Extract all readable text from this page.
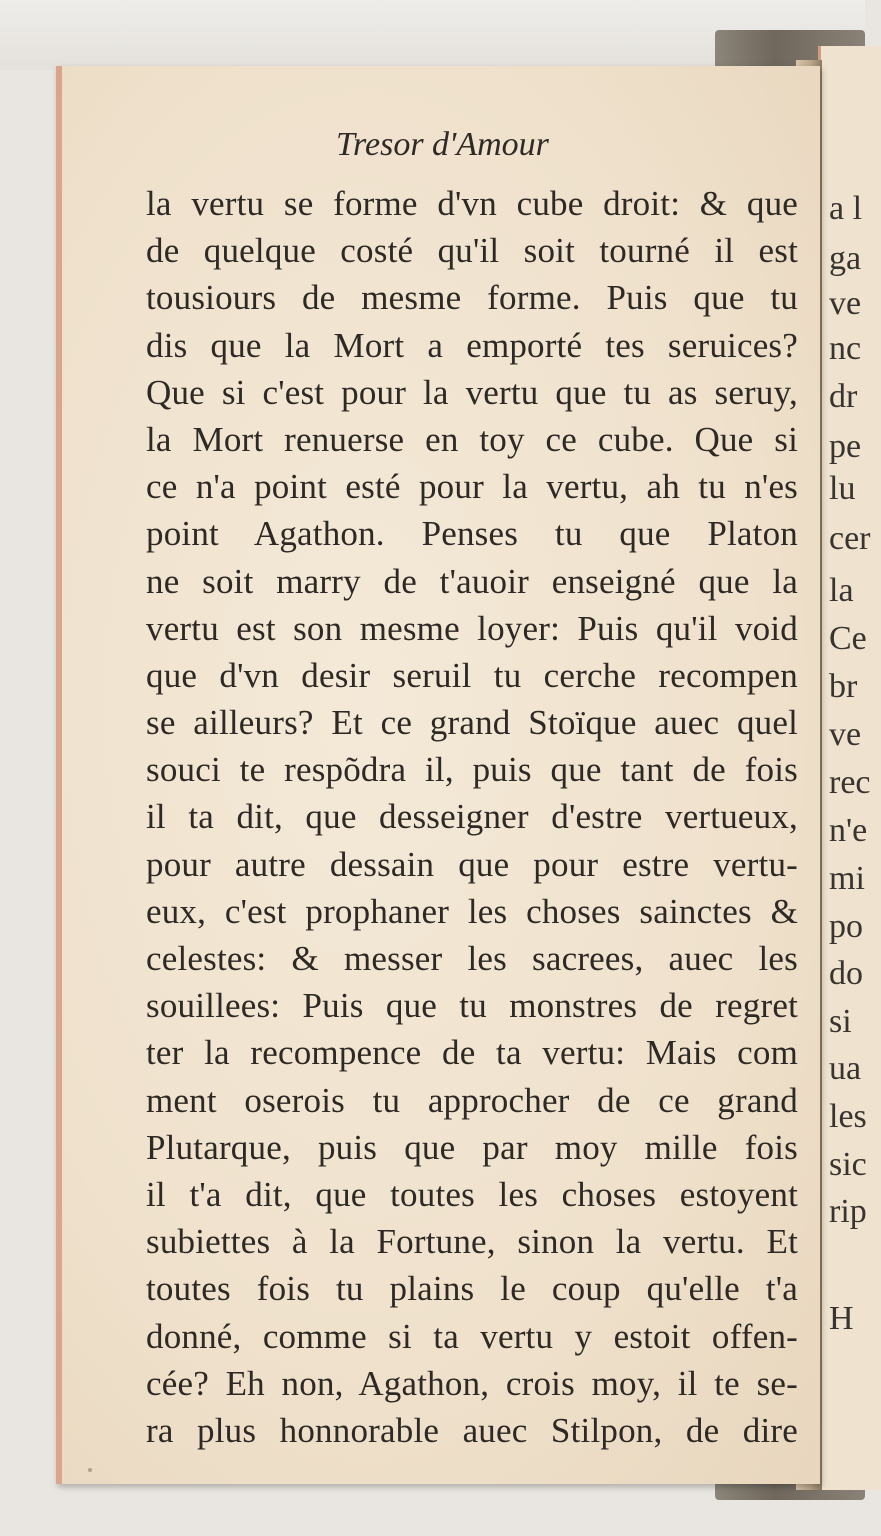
a l
ga
ve
nc
dr
pe
lu
cer
la
Ce
br
ve
rec
n'e
mi
po
do
si
ua
les
sic
rip
H
Tresor d'Amour
la vertu se forme d'vn cube droit: & que
de quelque costé qu'il soit tourné il est
tousiours de mesme forme. Puis que tu
dis que la Mort a emporté tes seruices?
Que si c'est pour la vertu que tu as seruy,
la Mort renuerse en toy ce cube. Que si
ce n'a point esté pour la vertu, ah tu n'es
point Agathon. Penses tu que Platon
ne soit marry de t'auoir enseigné que la
vertu est son mesme loyer: Puis qu'il void
que d'vn desir seruil tu cerche recompen
se ailleurs? Et ce grand Stoïque auec quel
souci te respõdra il, puis que tant de fois
il ta dit, que desseigner d'estre vertueux,
pour autre dessain que pour estre vertu-
eux, c'est prophaner les choses sainctes &
celestes: & messer les sacrees, auec les
souillees: Puis que tu monstres de regret
ter la recompence de ta vertu: Mais com
ment oserois tu approcher de ce grand
Plutarque, puis que par moy mille fois
il t'a dit, que toutes les choses estoyent
subiettes à la Fortune, sinon la vertu. Et
toutes fois tu plains le coup qu'elle t'a
donné, comme si ta vertu y estoit offen-
cée? Eh non, Agathon, crois moy, il te se-
ra plus honnorable auec Stilpon, de dire
